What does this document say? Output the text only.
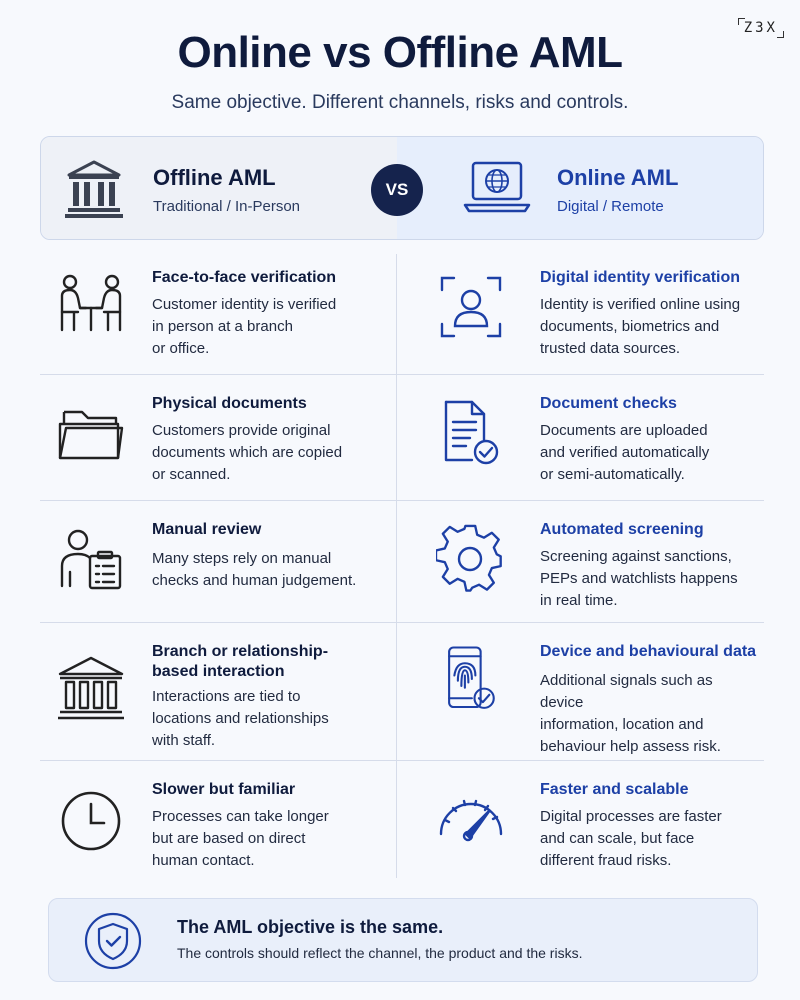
Z3X
Online vs Offline AML

Same objective. Different channels, risks and controls.

Offline AML
Traditional / In-Person
Online AML
Digital / Remote
VS
Face-to-face verification
Customer identity is verified
in person at a branch
or office.
Digital identity verification
Identity is verified online using
documents, biometrics and
trusted data sources.
Physical documents
Customers provide original
documents which are copied
or scanned.
Document checks
Documents are uploaded
and verified automatically
or semi-automatically.
Manual review
Many steps rely on manual
checks and human judgement.
Automated screening
Screening against sanctions,
PEPs and watchlists happens
in real time.
Branch or relationship-
based interaction
Interactions are tied to
locations and relationships
with staff.
Device and behavioural data
Additional signals such as device
information, location and
behaviour help assess risk.
Slower but familiar
Processes can take longer
but are based on direct
human contact.
Faster and scalable
Digital processes are faster
and can scale, but face
different fraud risks.
The AML objective is the same.
The controls should reflect the channel, the product and the risks.
